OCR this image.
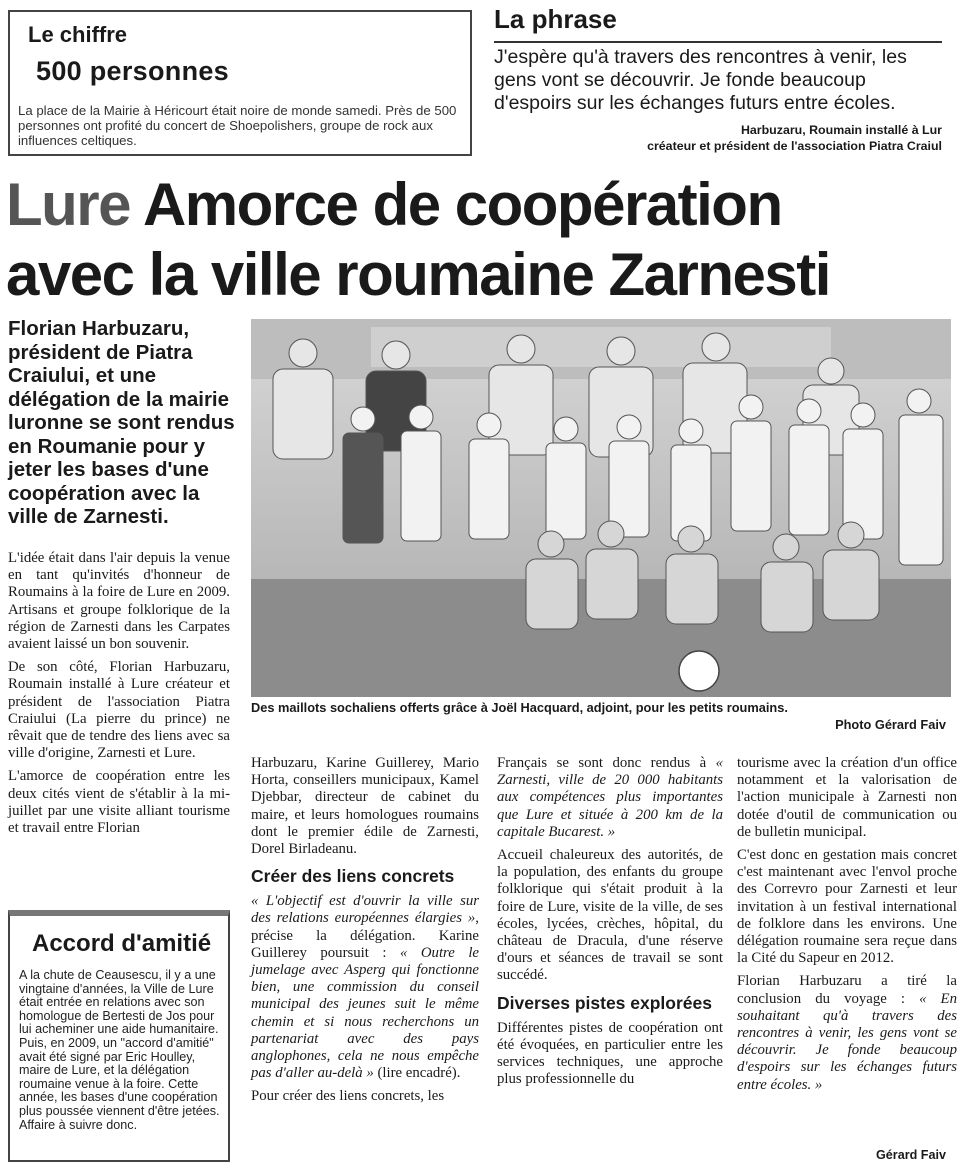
Le chiffre
500 personnes
La place de la Mairie à Héricourt était noire de monde samedi. Près de 500 personnes ont profité du concert de Shoepolishers, groupe de rock aux influences celtiques.
La phrase
J'espère qu'à travers des rencontres à venir, les gens vont se découvrir. Je fonde beaucoup d'espoirs sur les échanges futurs entre écoles.
Harbuzaru, Roumain installé à Lur
créateur et président de l'association Piatra Craiul
Lure Amorce de coopération
avec la ville roumaine Zarnesti
Florian Harbuzaru, président de Piatra Craiului, et une délégation de la mairie luronne se sont rendus en Roumanie pour y jeter les bases d'une coopération avec la ville de Zarnesti.
Des maillots sochaliens offerts grâce à Joël Hacquard, adjoint, pour les petits roumains.
Photo Gérard Faiv

L'idée était dans l'air depuis la venue en tant qu'invités d'honneur de Roumains à la foire de Lure en 2009. Artisans et groupe folklorique de la région de Zarnesti dans les Carpates avaient laissé un bon souvenir.

De son côté, Florian Harbuzaru, Roumain installé à Lure créateur et président de l'association Piatra Craiului (La pierre du prince) ne rêvait que de tendre des liens avec sa ville d'origine, Zarnesti et Lure.

L'amorce de coopération entre les deux cités vient de s'établir à la mi-juillet par une visite alliant tourisme et travail entre Florian

Harbuzaru, Karine Guillerey, Mario Horta, conseillers municipaux, Kamel Djebbar, directeur de cabinet du maire, et leurs homologues roumains dont le premier édile de Zarnesti, Dorel Birladeanu.

Créer des liens concrets

« L'objectif est d'ouvrir la ville sur des relations européennes élargies », précise la délégation. Karine Guillerey poursuit : « Outre le jumelage avec Asperg qui fonctionne bien, une commission du conseil municipal des jeunes suit le même chemin et si nous recherchons un partenariat avec des pays anglophones, cela ne nous empêche pas d'aller au-delà » (lire encadré).

Pour créer des liens concrets, les

Français se sont donc rendus à « Zarnesti, ville de 20 000 habitants aux compétences plus importantes que Lure et située à 200 km de la capitale Bucarest. »

Accueil chaleureux des autorités, de la population, des enfants du groupe folklorique qui s'était produit à la foire de Lure, visite de la ville, de ses écoles, lycées, crèches, hôpital, du château de Dracula, d'une réserve d'ours et séances de travail se sont succédé.

Diverses pistes explorées

Différentes pistes de coopération ont été évoquées, en particulier entre les services techniques, une approche plus professionnelle du

tourisme avec la création d'un office notamment et la valorisation de l'action municipale à Zarnesti non dotée d'outil de communication ou de bulletin municipal.

C'est donc en gestation mais concret c'est maintenant avec l'envol proche des Correvro pour Zarnesti et leur invitation à un festival international de folklore dans les environs. Une délégation roumaine sera reçue dans la Cité du Sapeur en 2012.

Florian Harbuzaru a tiré la conclusion du voyage : « En souhaitant qu'à travers des rencontres à venir, les gens vont se découvrir. Je fonde beaucoup d'espoirs sur les échanges futurs entre écoles. »

Gérard Faiv
Accord d'amitié
A la chute de Ceausescu, il y a une vingtaine d'années, la Ville de Lure était entrée en relations avec son homologue de Bertesti de Jos pour lui acheminer une aide humanitaire. Puis, en 2009, un "accord d'amitié" avait été signé par Eric Houlley, maire de Lure, et la délégation roumaine venue à la foire. Cette année, les bases d'une coopération plus poussée viennent d'être jetées. Affaire à suivre donc.
